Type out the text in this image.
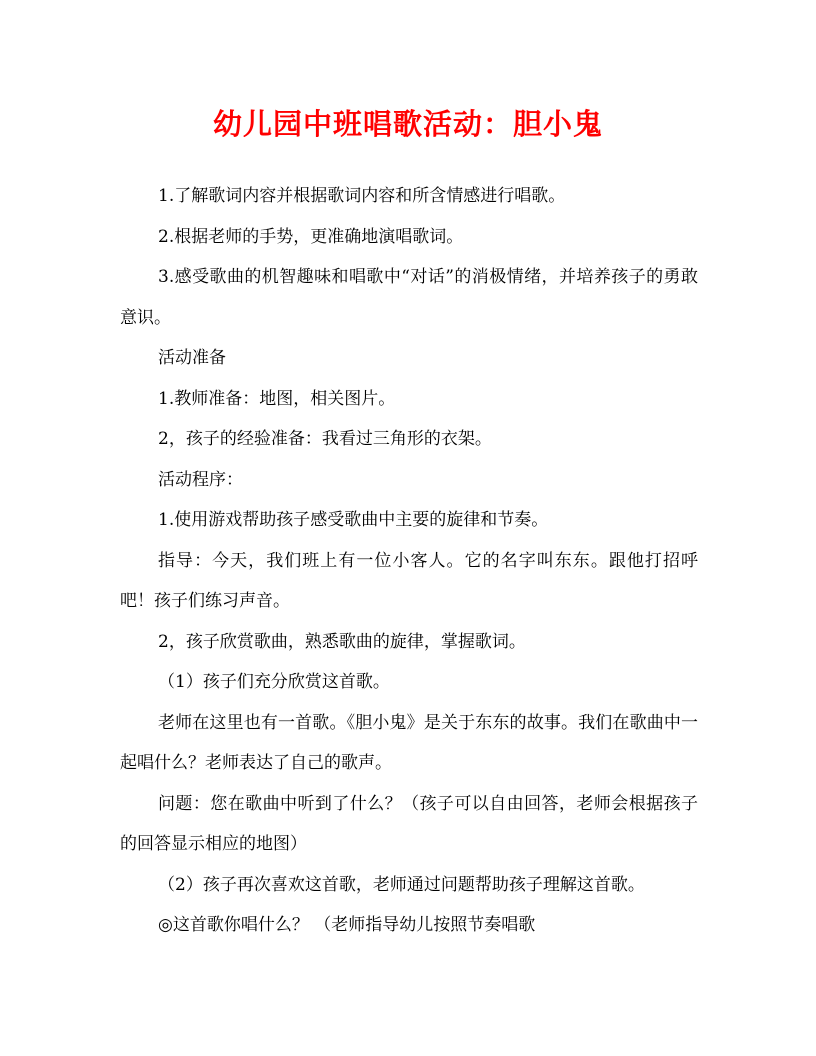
幼儿园中班唱歌活动：胆小鬼

1.了解歌词内容并根据歌词内容和所含情感进行唱歌。

2.根据老师的手势，更准确地演唱歌词。

3.感受歌曲的机智趣味和唱歌中“对话”的消极情绪，并培养孩子的勇敢意识。

活动准备

1.教师准备：地图，相关图片。

2，孩子的经验准备：我看过三角形的衣架。

活动程序：

1.使用游戏帮助孩子感受歌曲中主要的旋律和节奏。

指导：今天，我们班上有一位小客人。它的名字叫东东。跟他打招呼吧！孩子们练习声音。

2，孩子欣赏歌曲，熟悉歌曲的旋律，掌握歌词。

（1）孩子们充分欣赏这首歌。

老师在这里也有一首歌。《胆小鬼》是关于东东的故事。我们在歌曲中一起唱什么？老师表达了自己的歌声。

问题：您在歌曲中听到了什么？（孩子可以自由回答，老师会根据孩子的回答显示相应的地图）

（2）孩子再次喜欢这首歌，老师通过问题帮助孩子理解这首歌。

◎这首歌你唱什么？ （老师指导幼儿按照节奏唱歌
